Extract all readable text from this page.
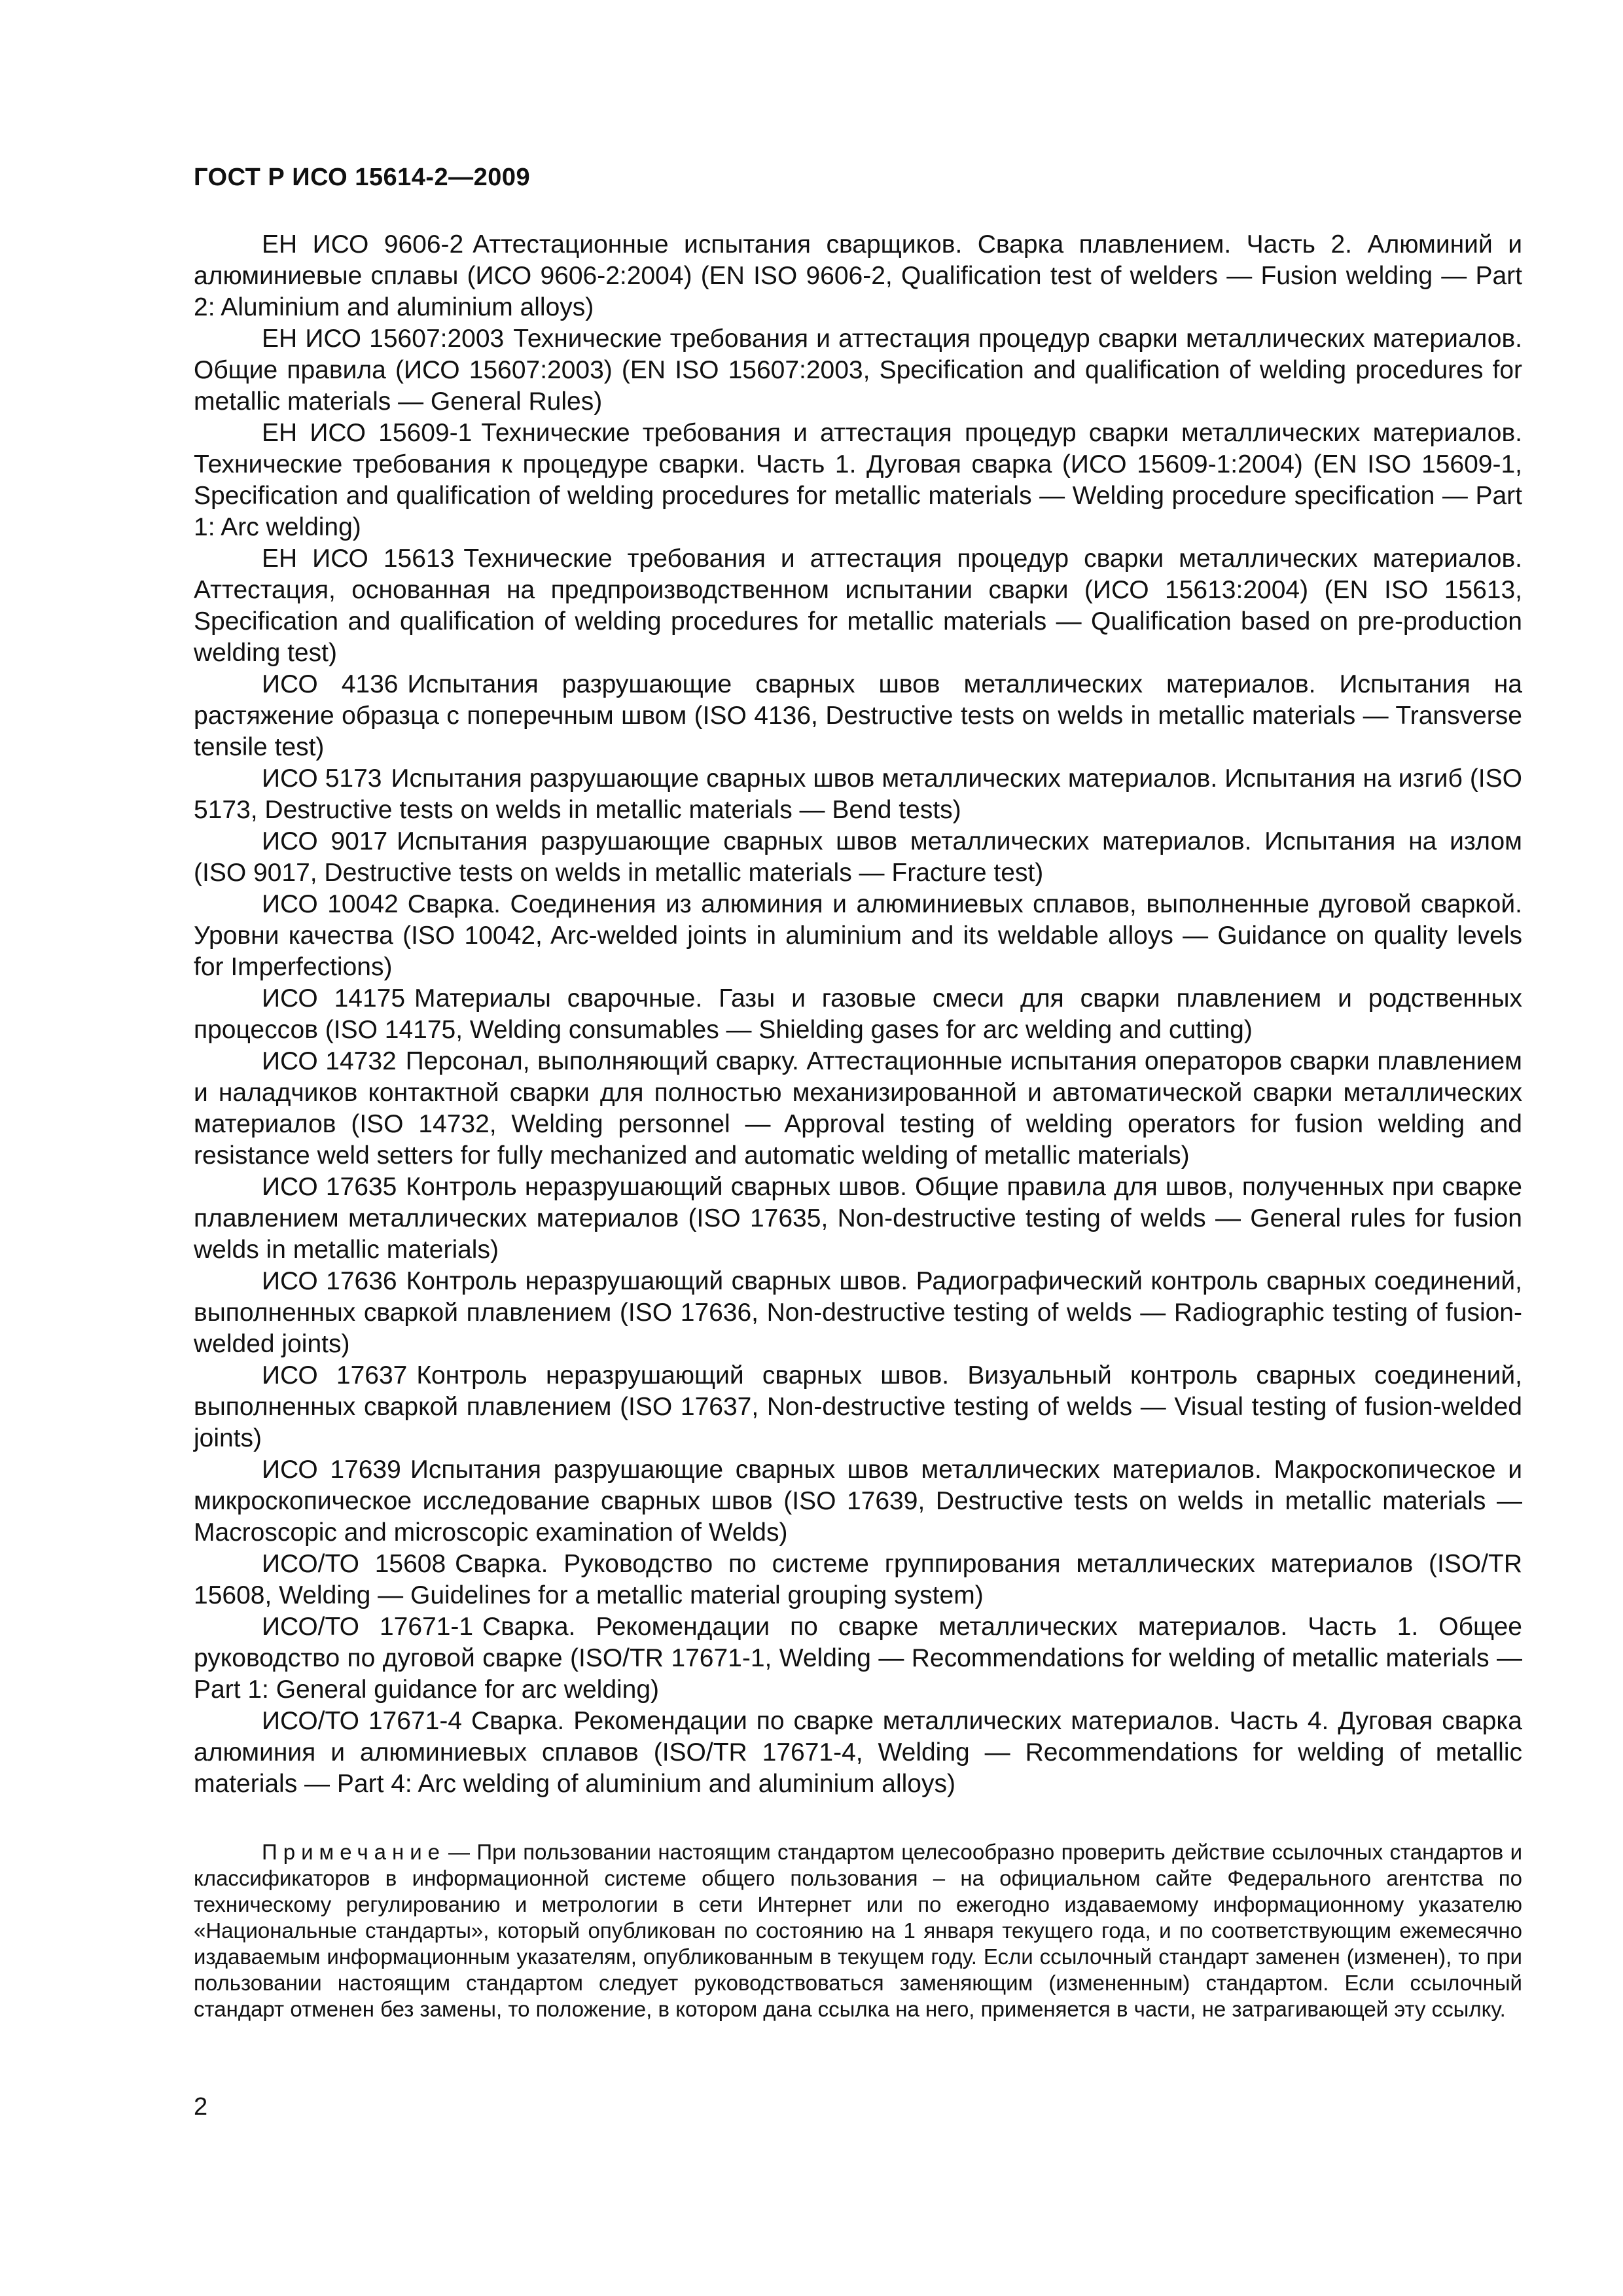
ГОСТ Р ИСО 15614-2—2009

ЕН ИСО 9606-2 Аттестационные испытания сварщиков. Сварка плавлением. Часть 2. Алюминий и алюминиевые сплавы (ИСО 9606-2:2004) (EN ISO 9606-2, Qualification test of welders — Fusion welding — Part 2: Aluminium and aluminium alloys)

ЕН ИСО 15607:2003 Технические требования и аттестация процедур сварки металлических материалов. Общие правила (ИСО 15607:2003) (EN ISO 15607:2003, Specification and qualification of welding procedures for metallic materials — General Rules)

ЕН ИСО 15609-1 Технические требования и аттестация процедур сварки металлических материалов. Технические требования к процедуре сварки. Часть 1. Дуговая сварка (ИСО 15609-1:2004) (EN ISO 15609-1, Specification and qualification of welding procedures for metallic materials — Welding procedure specification — Part 1: Arc welding)

ЕН ИСО 15613 Технические требования и аттестация процедур сварки металлических материалов. Аттестация, основанная на предпроизводственном испытании сварки (ИСО 15613:2004) (EN ISO 15613, Specification and qualification of welding procedures for metallic materials — Qualification based on pre-production welding test)

ИСО 4136 Испытания разрушающие сварных швов металлических материалов. Испытания на растяжение образца с поперечным швом (ISO 4136, Destructive tests on welds in metallic materials — Transverse tensile test)

ИСО 5173 Испытания разрушающие сварных швов металлических материалов. Испытания на изгиб (ISO 5173, Destructive tests on welds in metallic materials — Bend tests)

ИСО 9017 Испытания разрушающие сварных швов металлических материалов. Испытания на излом (ISO 9017, Destructive tests on welds in metallic materials — Fracture test)

ИСО 10042 Сварка. Соединения из алюминия и алюминиевых сплавов, выполненные дуговой сваркой. Уровни качества (ISO 10042, Arc-welded joints in aluminium and its weldable alloys — Guidance on quality levels for Imperfections)

ИСО 14175 Материалы сварочные. Газы и газовые смеси для сварки плавлением и родственных процессов (ISO 14175, Welding consumables — Shielding gases for arc welding and cutting)

ИСО 14732 Персонал, выполняющий сварку. Аттестационные испытания операторов сварки плавлением и наладчиков контактной сварки для полностью механизированной и автоматической сварки металлических материалов (ISO 14732, Welding personnel — Approval testing of welding operators for fusion welding and resistance weld setters for fully mechanized and automatic welding of metallic materials)

ИСО 17635 Контроль неразрушающий сварных швов. Общие правила для швов, полученных при сварке плавлением металлических материалов (ISO 17635, Non-destructive testing of welds — General rules for fusion welds in metallic materials)

ИСО 17636 Контроль неразрушающий сварных швов. Радиографический контроль сварных соединений, выполненных сваркой плавлением (ISO 17636, Non-destructive testing of welds — Radiographic testing of fusion-welded joints)

ИСО 17637 Контроль неразрушающий сварных швов. Визуальный контроль сварных соединений, выполненных сваркой плавлением (ISO 17637, Non-destructive testing of welds — Visual testing of fusion-welded joints)

ИСО 17639 Испытания разрушающие сварных швов металлических материалов. Макроскопическое и микроскопическое исследование сварных швов (ISO 17639, Destructive tests on welds in metallic materials — Macroscopic and microscopic examination of Welds)

ИСО/ТО 15608 Сварка. Руководство по системе группирования металлических материалов (ISO/TR 15608, Welding — Guidelines for a metallic material grouping system)

ИСО/ТО 17671-1 Сварка. Рекомендации по сварке металлических материалов. Часть 1. Общее руководство по дуговой сварке (ISO/TR 17671-1, Welding — Recommendations for welding of metallic materials — Part 1: General guidance for arc welding)

ИСО/ТО 17671-4 Сварка. Рекомендации по сварке металлических материалов. Часть 4. Дуговая сварка алюминия и алюминиевых сплавов (ISO/TR 17671-4, Welding — Recommendations for welding of metallic materials — Part 4: Arc welding of aluminium and aluminium alloys)

Примечание — При пользовании настоящим стандартом целесообразно проверить действие ссылочных стандартов и классификаторов в информационной системе общего пользования – на официальном сайте Федерального агентства по техническому регулированию и метрологии в сети Интернет или по ежегодно издаваемому информационному указателю «Национальные стандарты», который опубликован по состоянию на 1 января текущего года, и по соответствующим ежемесячно издаваемым информационным указателям, опубликованным в текущем году. Если ссылочный стандарт заменен (изменен), то при пользовании настоящим стандартом следует руководствоваться заменяющим (измененным) стандартом. Если ссылочный стандарт отменен без замены, то положение, в котором дана ссылка на него, применяется в части, не затрагивающей эту ссылку.

2
